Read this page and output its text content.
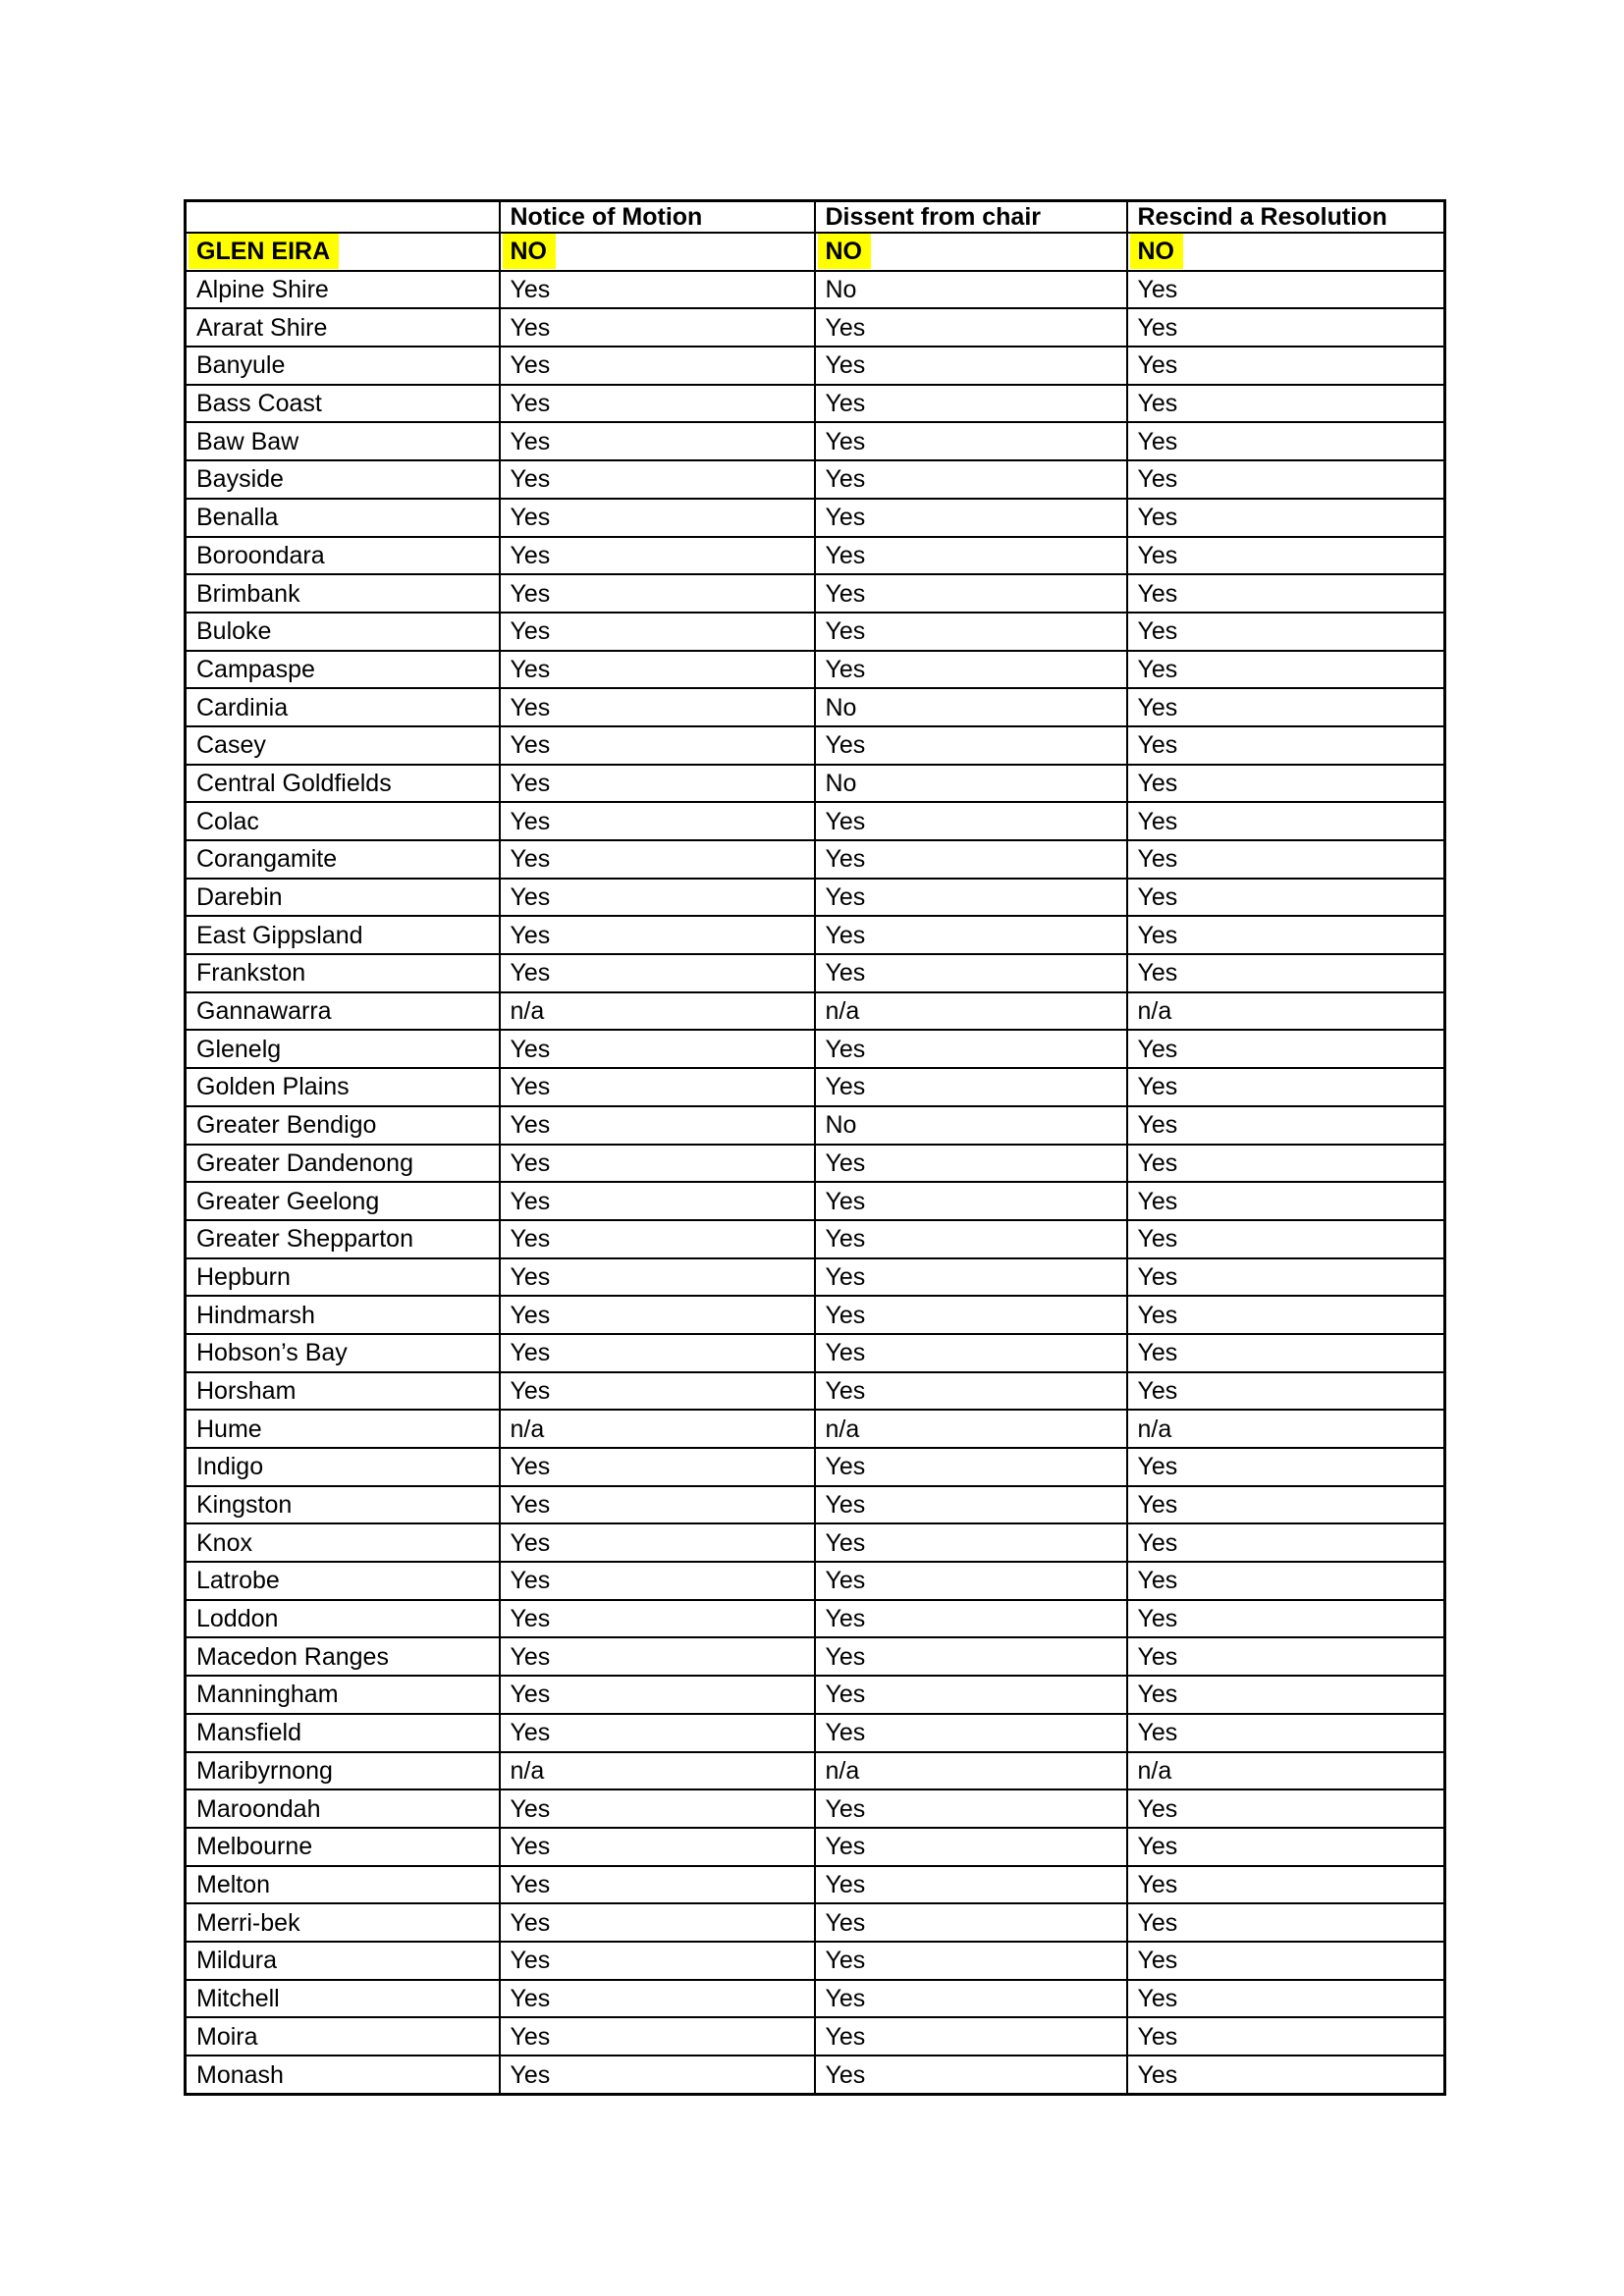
	Notice of Motion	Dissent from chair	Rescind a Resolution
GLEN EIRA	NO	NO	NO
Alpine Shire	Yes	No	Yes
Ararat Shire	Yes	Yes	Yes
Banyule	Yes	Yes	Yes
Bass Coast	Yes	Yes	Yes
Baw Baw	Yes	Yes	Yes
Bayside	Yes	Yes	Yes
Benalla	Yes	Yes	Yes
Boroondara	Yes	Yes	Yes
Brimbank	Yes	Yes	Yes
Buloke	Yes	Yes	Yes
Campaspe	Yes	Yes	Yes
Cardinia	Yes	No	Yes
Casey	Yes	Yes	Yes
Central Goldfields	Yes	No	Yes
Colac	Yes	Yes	Yes
Corangamite	Yes	Yes	Yes
Darebin	Yes	Yes	Yes
East Gippsland	Yes	Yes	Yes
Frankston	Yes	Yes	Yes
Gannawarra	n/a	n/a	n/a
Glenelg	Yes	Yes	Yes
Golden Plains	Yes	Yes	Yes
Greater Bendigo	Yes	No	Yes
Greater Dandenong	Yes	Yes	Yes
Greater Geelong	Yes	Yes	Yes
Greater Shepparton	Yes	Yes	Yes
Hepburn	Yes	Yes	Yes
Hindmarsh	Yes	Yes	Yes
Hobson’s Bay	Yes	Yes	Yes
Horsham	Yes	Yes	Yes
Hume	n/a	n/a	n/a
Indigo	Yes	Yes	Yes
Kingston	Yes	Yes	Yes
Knox	Yes	Yes	Yes
Latrobe	Yes	Yes	Yes
Loddon	Yes	Yes	Yes
Macedon Ranges	Yes	Yes	Yes
Manningham	Yes	Yes	Yes
Mansfield	Yes	Yes	Yes
Maribyrnong	n/a	n/a	n/a
Maroondah	Yes	Yes	Yes
Melbourne	Yes	Yes	Yes
Melton	Yes	Yes	Yes
Merri-bek	Yes	Yes	Yes
Mildura	Yes	Yes	Yes
Mitchell	Yes	Yes	Yes
Moira	Yes	Yes	Yes
Monash	Yes	Yes	Yes
